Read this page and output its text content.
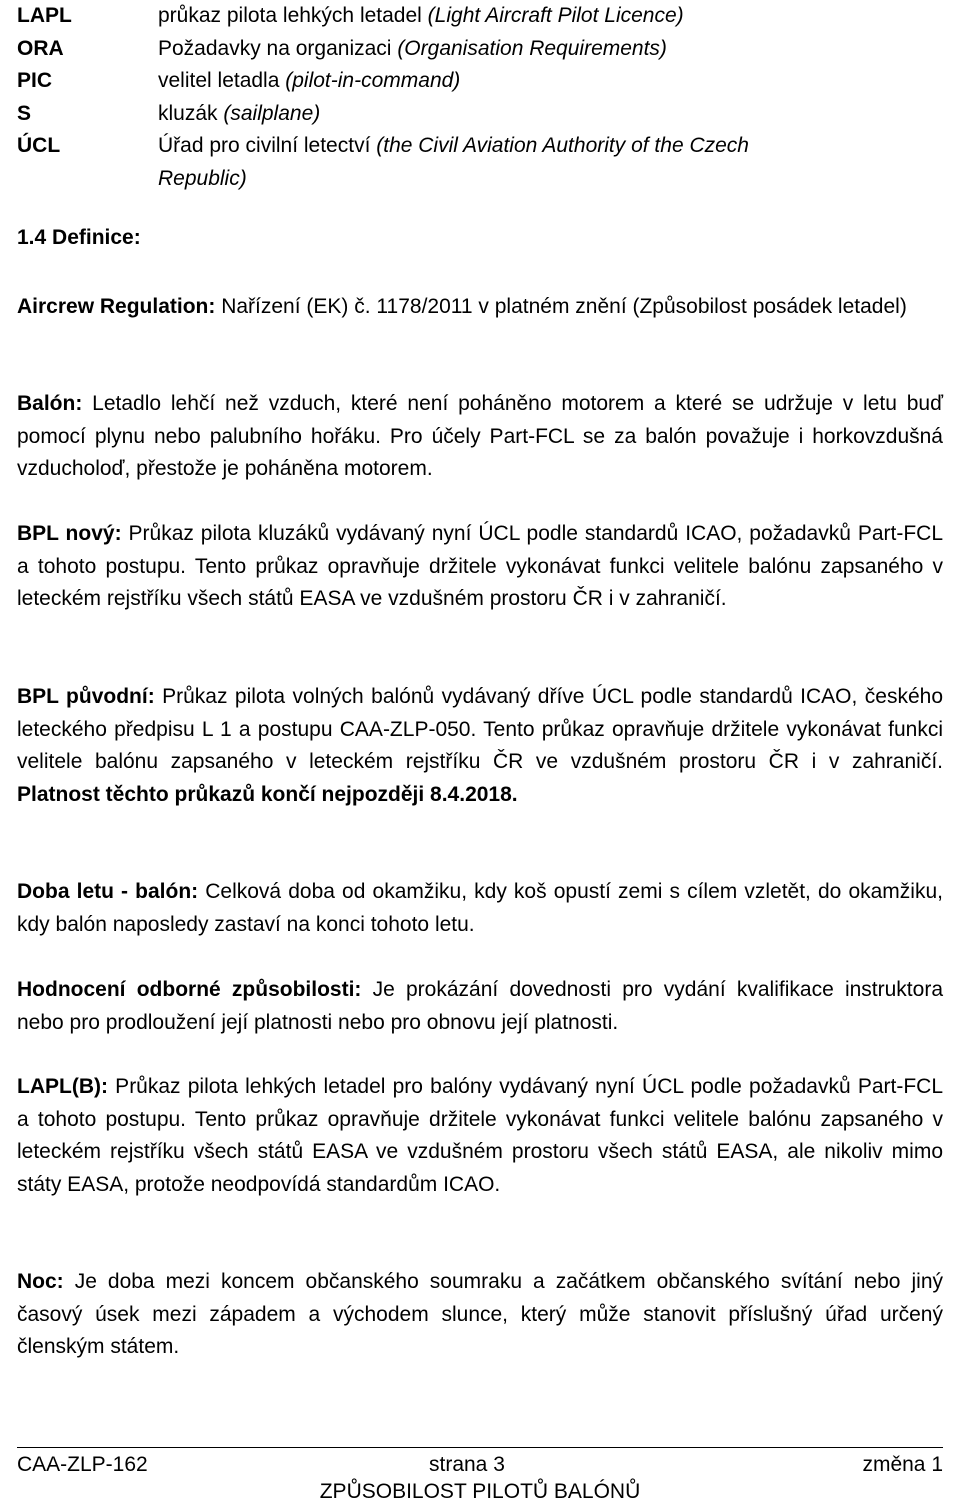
LAPL	průkaz pilota lehkých letadel (Light Aircraft Pilot Licence)
ORA	Požadavky na organizaci (Organisation Requirements)
PIC	velitel letadla (pilot-in-command)
S	kluzák (sailplane)
ÚCL	Úřad pro civilní letectví (the Civil Aviation Authority of the Czech
Republic)
1.4 Definice:
Aircrew Regulation: Nařízení (EK) č. 1178/2011 v platném znění (Způsobilost posádek letadel)
Balón: Letadlo lehčí než vzduch, které není poháněno motorem a které se udržuje v letu buď pomocí plynu nebo palubního hořáku. Pro účely Part-FCL se za balón považuje i horkovzdušná vzducholoď, přestože je poháněna motorem.
BPL nový: Průkaz pilota kluzáků vydávaný nyní ÚCL podle standardů ICAO, požadavků Part-FCL a tohoto postupu. Tento průkaz opravňuje držitele vykonávat funkci velitele balónu zapsaného v leteckém rejstříku všech států EASA ve vzdušném prostoru ČR i v zahraničí.
BPL původní: Průkaz pilota volných balónů vydávaný dříve ÚCL podle standardů ICAO, českého leteckého předpisu L 1 a postupu CAA-ZLP-050. Tento průkaz opravňuje držitele vykonávat funkci velitele balónu zapsaného v leteckém rejstříku ČR ve vzdušném prostoru ČR i v zahraničí. Platnost těchto průkazů končí nejpozději 8.4.2018.
Doba letu - balón: Celková doba od okamžiku, kdy koš opustí zemi s cílem vzletět, do okamžiku, kdy balón naposledy zastaví na konci tohoto letu.
Hodnocení odborné způsobilosti: Je prokázání dovednosti pro vydání kvalifikace instruktora nebo pro prodloužení její platnosti nebo pro obnovu její platnosti.
LAPL(B): Průkaz pilota lehkých letadel pro balóny vydávaný nyní ÚCL podle požadavků Part-FCL a tohoto postupu. Tento průkaz opravňuje držitele vykonávat funkci velitele balónu zapsaného v leteckém rejstříku všech států EASA ve vzdušném prostoru všech států EASA, ale nikoliv mimo státy EASA, protože neodpovídá standardům ICAO.
Noc: Je doba mezi koncem občanského soumraku a začátkem občanského svítání nebo jiný časový úsek mezi západem a východem slunce, který může stanovit příslušný úřad určený členským státem.
CAA-ZLP-162	strana 3	změna 1
ZPŮSOBILOST PILOTŮ BALÓNŮ
